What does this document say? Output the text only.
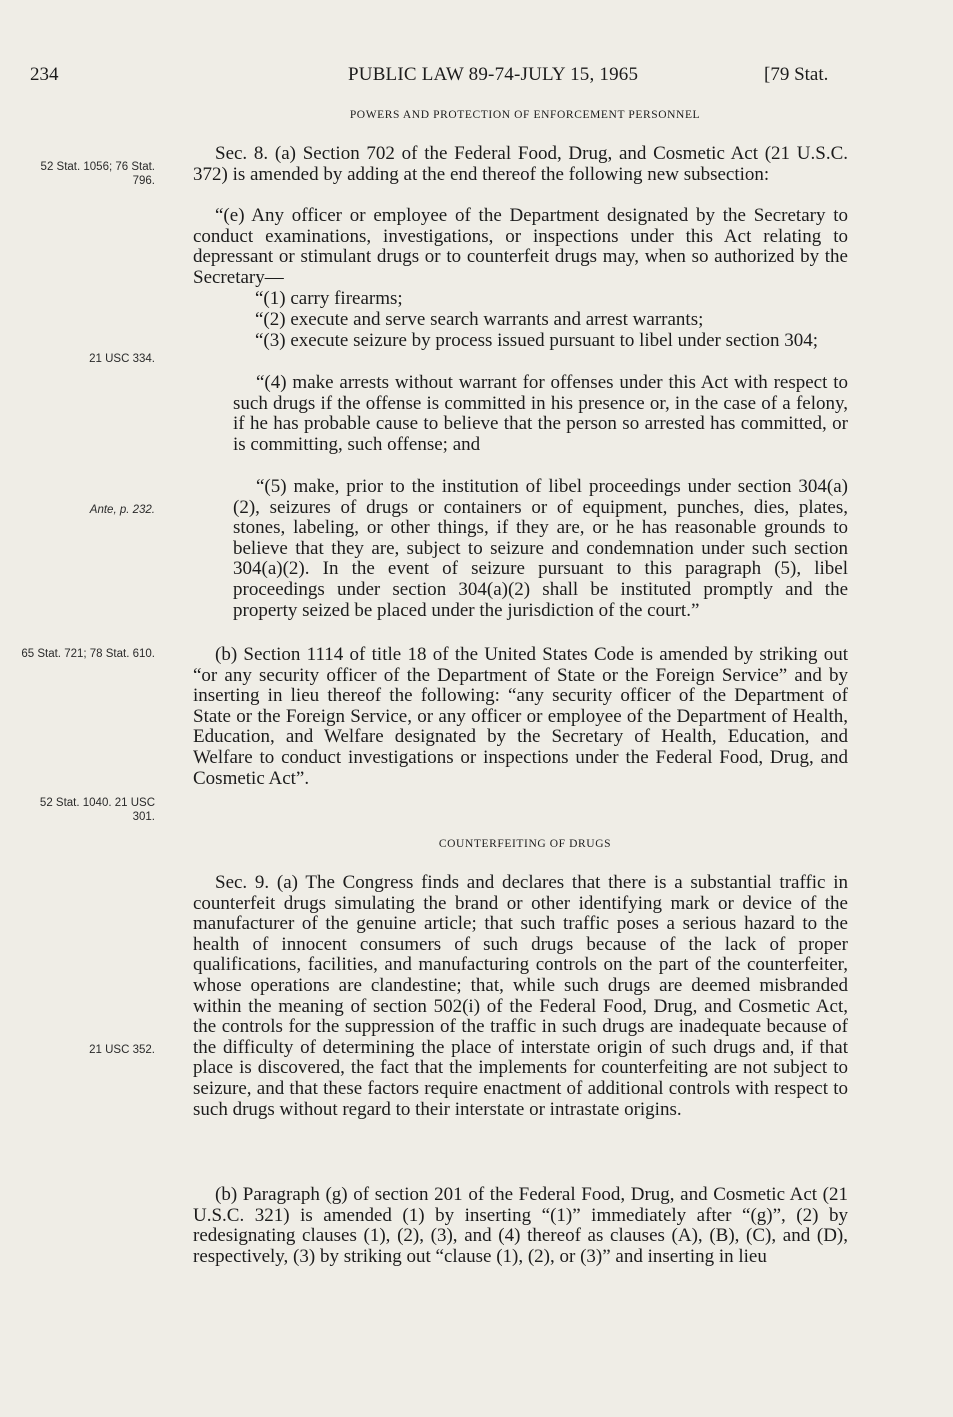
234	PUBLIC LAW 89-74-JULY 15, 1965	[79 Stat.
POWERS AND PROTECTION OF ENFORCEMENT PERSONNEL
52 Stat. 1056; 76 Stat. 796.
Sec. 8. (a) Section 702 of the Federal Food, Drug, and Cosmetic Act (21 U.S.C. 372) is amended by adding at the end thereof the following new subsection:
“(e) Any officer or employee of the Department designated by the Secretary to conduct examinations, investigations, or inspections under this Act relating to depressant or stimulant drugs or to counterfeit drugs may, when so authorized by the Secretary—
“(1) carry firearms;
“(2) execute and serve search warrants and arrest warrants;
21 USC 334.
“(3) execute seizure by process issued pursuant to libel under section 304;
“(4) make arrests without warrant for offenses under this Act with respect to such drugs if the offense is committed in his presence or, in the case of a felony, if he has probable cause to believe that the person so arrested has committed, or is committing, such offense; and
Ante, p. 232.
“(5) make, prior to the institution of libel proceedings under section 304(a)(2), seizures of drugs or containers or of equipment, punches, dies, plates, stones, labeling, or other things, if they are, or he has reasonable grounds to believe that they are, subject to seizure and condemnation under such section 304(a)(2). In the event of seizure pursuant to this paragraph (5), libel proceedings under section 304(a)(2) shall be instituted promptly and the property seized be placed under the jurisdiction of the court.”
65 Stat. 721; 78 Stat. 610.	(b) Section 1114 of title 18 of the United States Code is amended by striking out “or any security officer of the Department of State or the Foreign Service” and by inserting in lieu thereof the following: “any security officer of the Department of State or the Foreign Service, or any officer or employee of the Department of Health, Education, and Welfare designated by the Secretary of Health, Education, and Welfare to conduct investigations or inspections under the Federal Food, Drug, and Cosmetic Act”.
52 Stat. 1040. 21 USC 301.
COUNTERFEITING OF DRUGS
Sec. 9. (a) The Congress finds and declares that there is a substantial traffic in counterfeit drugs simulating the brand or other identifying mark or device of the manufacturer of the genuine article; that such traffic poses a serious hazard to the health of innocent consumers of such drugs because of the lack of proper qualifications, facilities, and manufacturing controls on the part of the counterfeiter, whose operations are clandestine; that, while such drugs are deemed misbranded within the meaning of section 502(i) of the Federal Food, Drug, and Cosmetic Act, the controls for the suppression of the traffic in such drugs are inadequate because of the difficulty of determining the place of interstate origin of such drugs and, if that place is discovered, the fact that the implements for counterfeiting are not subject to seizure, and that these factors require enactment of additional controls with respect to such drugs without regard to their interstate or intrastate origins.
21 USC 352.
(b) Paragraph (g) of section 201 of the Federal Food, Drug, and Cosmetic Act (21 U.S.C. 321) is amended (1) by inserting “(1)” immediately after “(g)”, (2) by redesignating clauses (1), (2), (3), and (4) thereof as clauses (A), (B), (C), and (D), respectively, (3) by striking out “clause (1), (2), or (3)” and inserting in lieu
